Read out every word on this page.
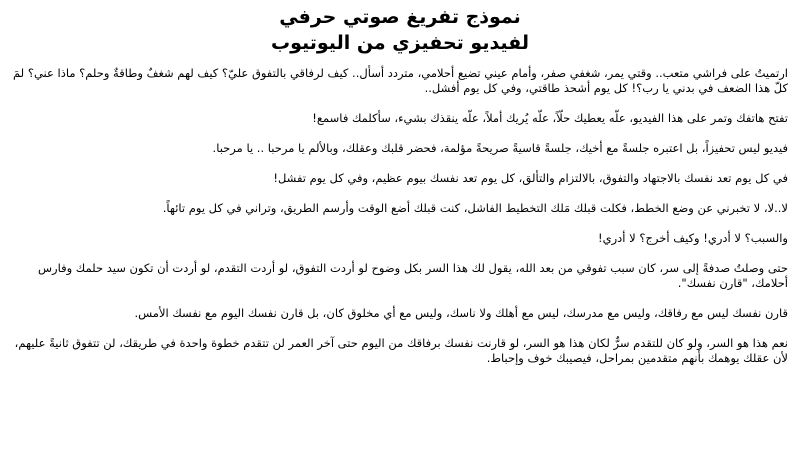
نموذج تفريغ صوتي حرفي
لفيديو تحفيزي من اليوتيوب

ارتميتُ على فراشي متعب.. وقتي يمر، شغفي صفر، وأمام عيني تضيع أحلامي، متردد أسأل.. كيف لرفاقي بالتفوق عليّ؟ كيف لهم شغفٌ وطاقةٌ وحلم؟ ماذا عني؟ لمَ كلّ هذا الضعف في بدني يا رب؟! كل يوم أشحذ طاقتي، وفي كل يوم أفشل..

تفتح هاتفك وتمر على هذا الفيديو، علّه يعطيك حلّاً، علّه يُريك أملاً، علّه ينقذك بشيء، سأكلمك فاسمع!

فيديو ليس تحفيزاً، بل اعتبره جلسةً مع أخيك، جلسةً قاسيةً صريحةً مؤلمة، فحضر قلبك وعقلك، وبالألم يا مرحبا .. يا مرحبا.

في كل يوم تعد نفسك بالاجتهاد والتفوق، بالالتزام والتألق، كل يوم تعد نفسك بيوم عظيم، وفي كل يوم تفشل!

لا..لا، لا تخبرني عن وضع الخطط، فكلت قبلك مَلك التخطيط الفاشل، كنت قبلك أضع الوقت وأرسم الطريق، وتراني في كل يوم تائهاً.

والسبب؟ لا أدري! وكيف أخرج؟ لا أدري!

حتى وصلتُ صدفةً إلى سر، كان سبب تفوقي من بعد الله، يقول لك هذا السر بكل وضوح لو أردت التفوق، لو أردت التقدم، لو أردت أن تكون سيد حلمك وفارس أحلامك، "قارن نفسك".

قارن نفسك ليس مع رفاقك، وليس مع مدرسك، ليس مع أهلك ولا ناسك، وليس مع أي مخلوق كان، بل قارن نفسك اليوم مع نفسك الأمس.

نعم هذا هو السر، ولو كان للتقدم سرٌّ لكان هذا هو السر، لو قارنت نفسك برفاقك من اليوم حتى آخر العمر لن تتقدم خطوة واحدة في طريقك، لن تتفوق ثانيةً عليهم، لأن عقلك يوهمك بأنهم متقدمين بمراحل، فيصيبك خوف وإحباط.
